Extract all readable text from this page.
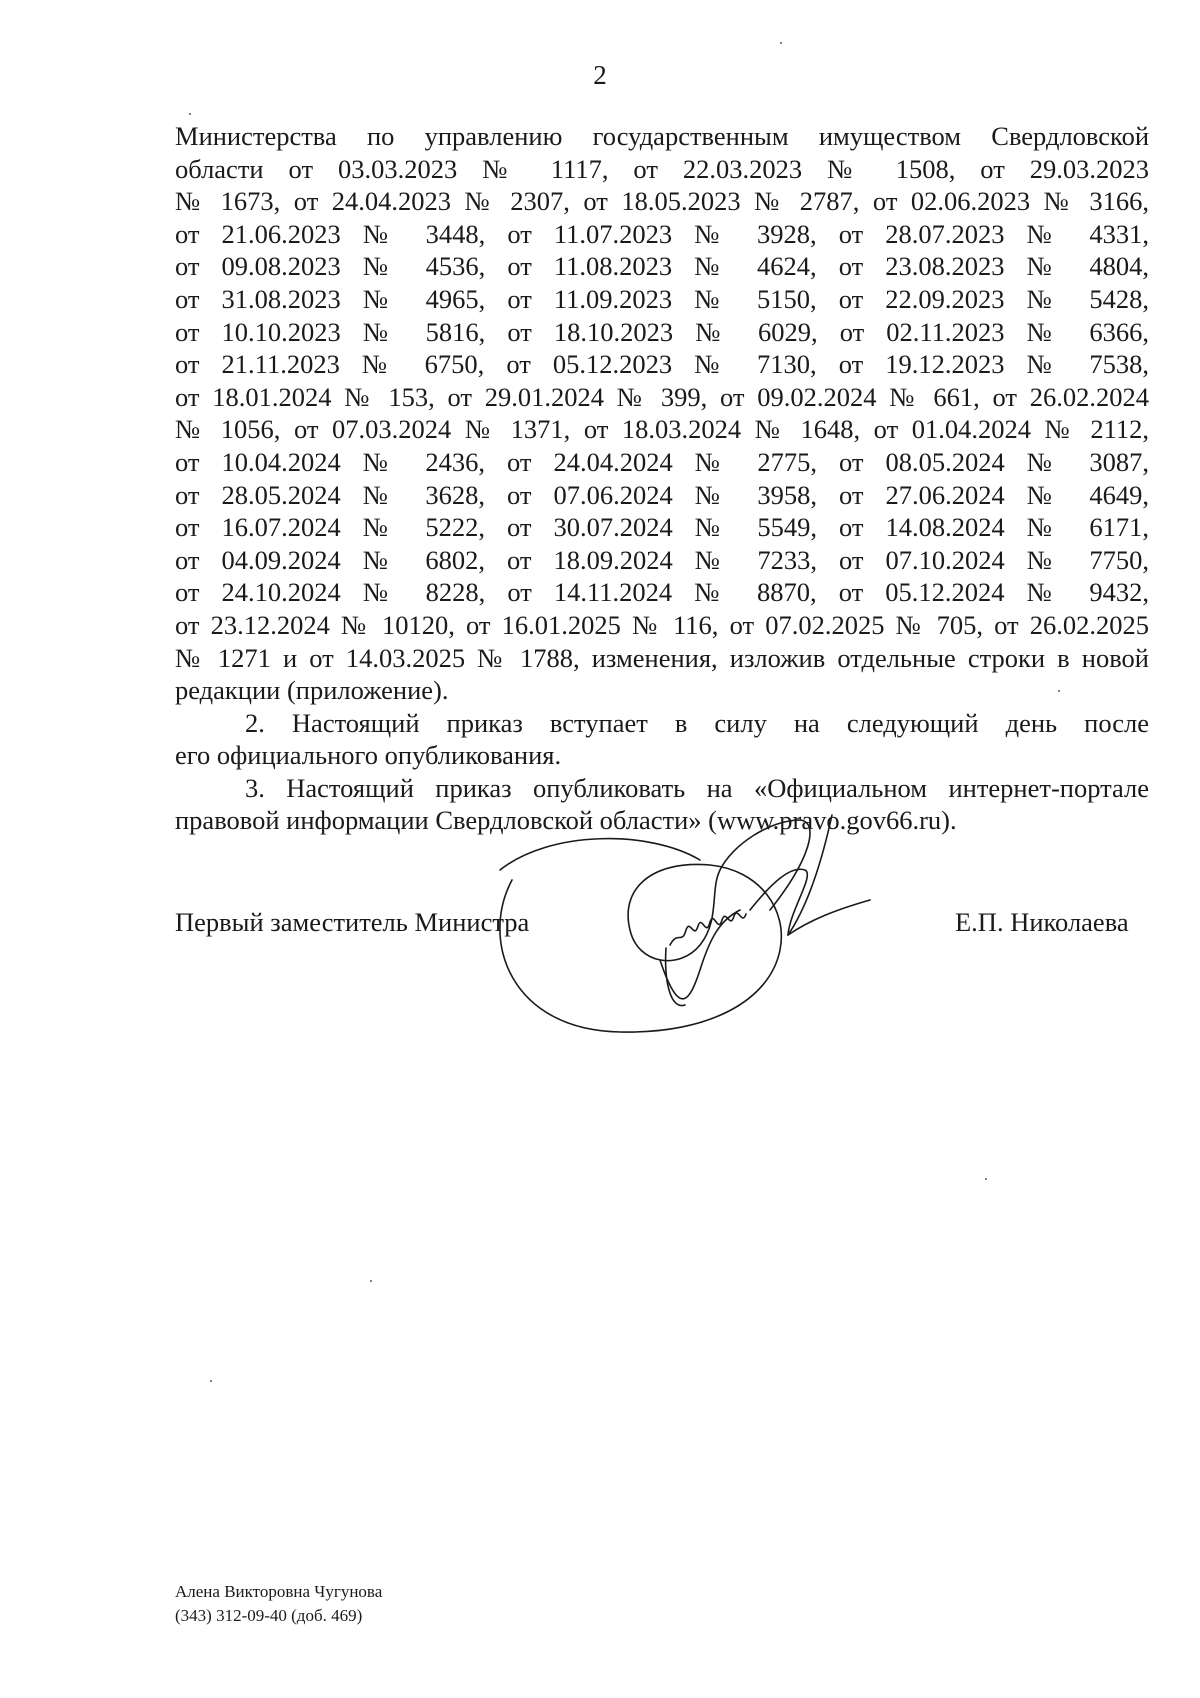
2
Министерства по управлению государственным имуществом Свердловской
области от 03.03.2023 № 1117, от 22.03.2023 № 1508, от 29.03.2023
№ 1673, от 24.04.2023 № 2307, от 18.05.2023 № 2787, от 02.06.2023 № 3166,
от 21.06.2023 № 3448, от 11.07.2023 № 3928, от 28.07.2023 № 4331,
от 09.08.2023 № 4536, от 11.08.2023 № 4624, от 23.08.2023 № 4804,
от 31.08.2023 № 4965, от 11.09.2023 № 5150, от 22.09.2023 № 5428,
от 10.10.2023 № 5816, от 18.10.2023 № 6029, от 02.11.2023 № 6366,
от 21.11.2023 № 6750, от 05.12.2023 № 7130, от 19.12.2023 № 7538,
от 18.01.2024 № 153, от 29.01.2024 № 399, от 09.02.2024 № 661, от 26.02.2024
№ 1056, от 07.03.2024 № 1371, от 18.03.2024 № 1648, от 01.04.2024 № 2112,
от 10.04.2024 № 2436, от 24.04.2024 № 2775, от 08.05.2024 № 3087,
от 28.05.2024 № 3628, от 07.06.2024 № 3958, от 27.06.2024 № 4649,
от 16.07.2024 № 5222, от 30.07.2024 № 5549, от 14.08.2024 № 6171,
от 04.09.2024 № 6802, от 18.09.2024 № 7233, от 07.10.2024 № 7750,
от 24.10.2024 № 8228, от 14.11.2024 № 8870, от 05.12.2024 № 9432,
от 23.12.2024 № 10120, от 16.01.2025 № 116, от 07.02.2025 № 705, от 26.02.2025
№ 1271 и от 14.03.2025 № 1788, изменения, изложив отдельные строки в новой
редакции (приложение).
2. Настоящий приказ вступает в силу на следующий день после
его официального опубликования.
3. Настоящий приказ опубликовать на «Официальном интернет-портале
правовой информации Свердловской области» (www.pravo.gov66.ru).
Первый заместитель Министра	Е.П. Николаева
Алена Викторовна Чугунова
(343) 312-09-40 (доб. 469)
